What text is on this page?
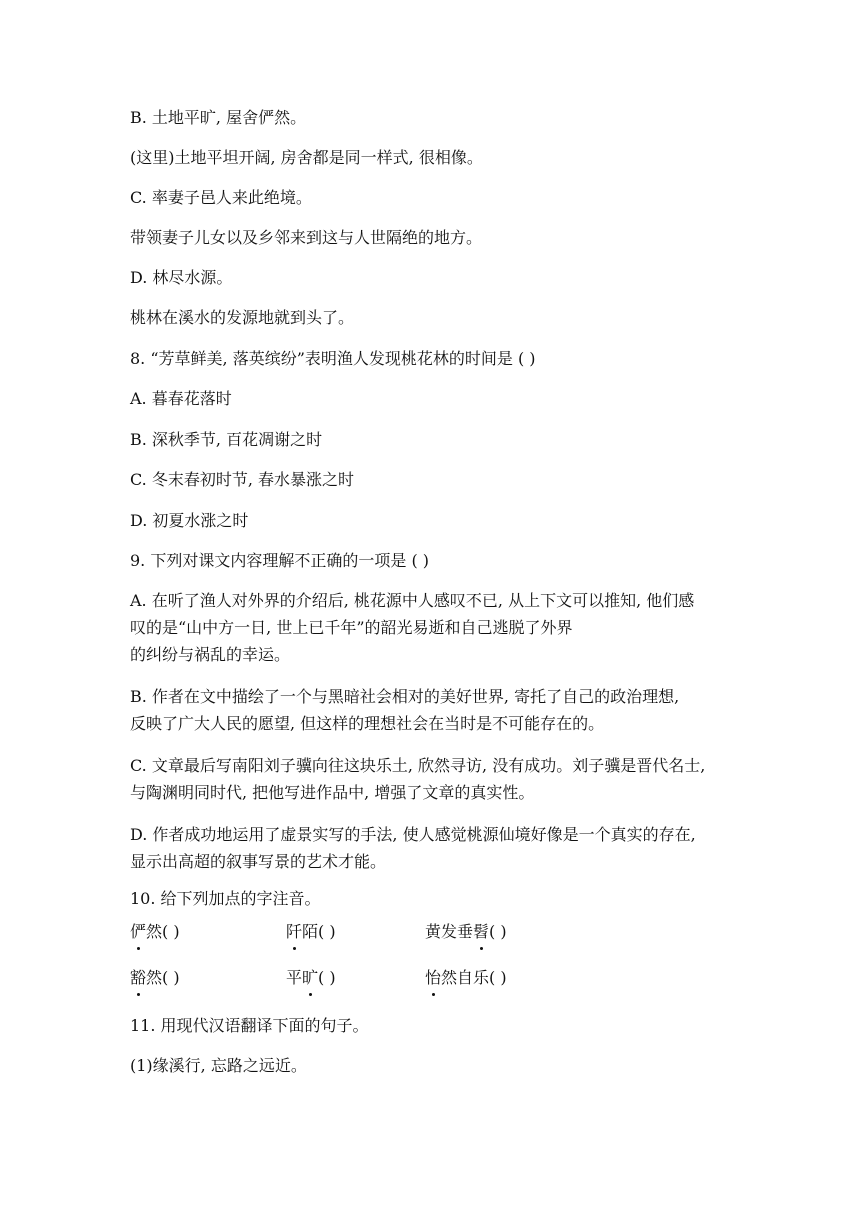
B. 土地平旷, 屋舍俨然。
(这里)土地平坦开阔, 房舍都是同一样式, 很相像。
C. 率妻子邑人来此绝境。
带领妻子儿女以及乡邻来到这与人世隔绝的地方。
D. 林尽水源。
桃林在溪水的发源地就到头了。
8. “芳草鲜美, 落英缤纷”表明渔人发现桃花林的时间是 ( )
A. 暮春花落时
B. 深秋季节, 百花凋谢之时
C. 冬末春初时节, 春水暴涨之时
D. 初夏水涨之时
9. 下列对课文内容理解不正确的一项是 ( )
A. 在听了渔人对外界的介绍后, 桃花源中人感叹不已, 从上下文可以推知, 他们感
叹的是“山中方一日, 世上已千年”的韶光易逝和自己逃脱了外界
的纠纷与祸乱的幸运。
B. 作者在文中描绘了一个与黑暗社会相对的美好世界, 寄托了自己的政治理想,
反映了广大人民的愿望, 但这样的理想社会在当时是不可能存在的。
C. 文章最后写南阳刘子骥向往这块乐土, 欣然寻访, 没有成功。刘子骥是晋代名士,
与陶渊明同时代, 把他写进作品中, 增强了文章的真实性。
D. 作者成功地运用了虚景实写的手法, 使人感觉桃源仙境好像是一个真实的存在,
显示出高超的叙事写景的艺术才能。
10. 给下列加点的字注音。
俨然( )	阡陌( )	黄发垂髫( )
豁然( )	平旷( )	怡然自乐( )
11. 用现代汉语翻译下面的句子。
(1)缘溪行, 忘路之远近。
